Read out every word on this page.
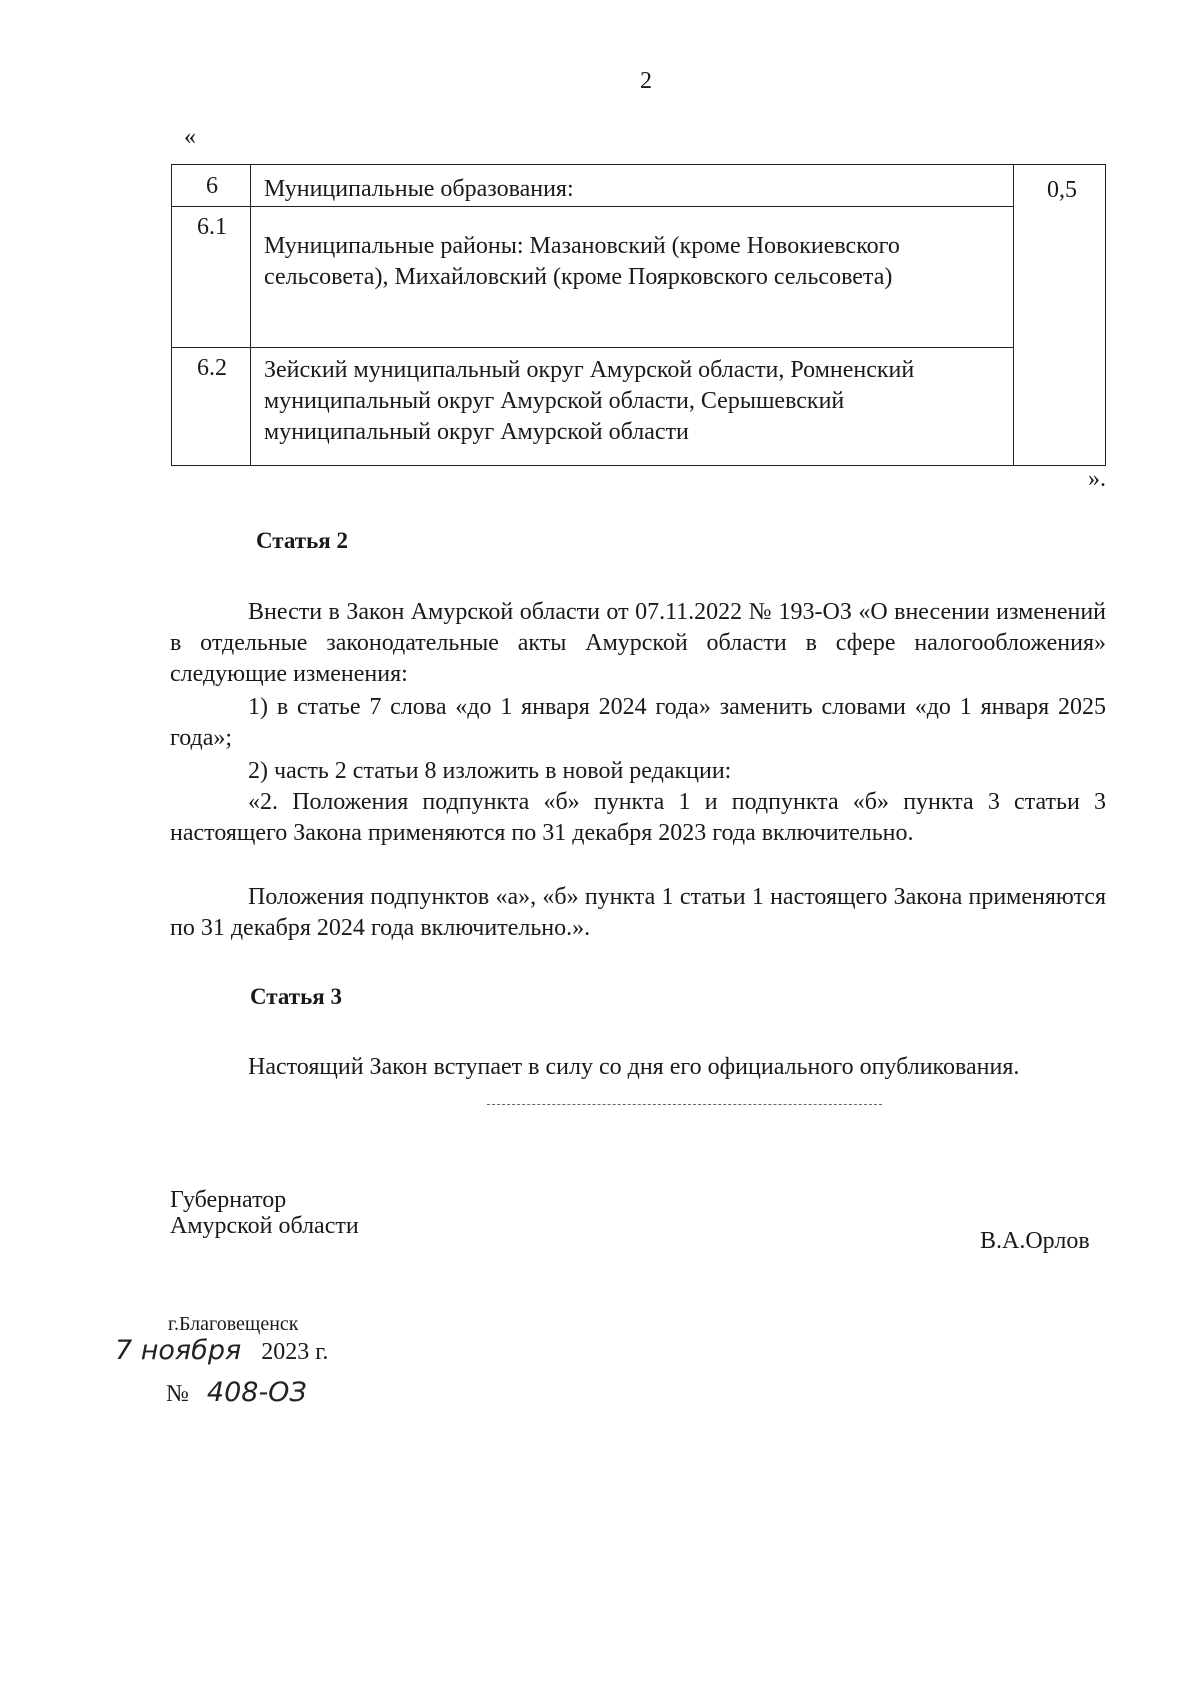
2
«
6	Муниципальные образования:
6.1
Муниципальные районы: Мазановский (кроме Новокиевского сельсовета), Михайловский (кроме Поярковского сельсовета)
6.2	Зейский муниципальный округ Амурской области, Ромненский муниципальный округ Амурской области, Серышевский муниципальный округ Амурской области
0,5
».
Статья 2
Внести в Закон Амурской области от 07.11.2022 № 193-ОЗ «О внесении изменений в отдельные законодательные акты Амурской области в сфере налогообложения» следующие изменения:
1) в статье 7 слова «до 1 января 2024 года» заменить словами «до 1 января 2025 года»;
2) часть 2 статьи 8 изложить в новой редакции:
«2. Положения подпункта «б» пункта 1 и подпункта «б» пункта 3 статьи 3 настоящего Закона применяются по 31 декабря 2023 года включительно.
Положения подпунктов «а», «б» пункта 1 статьи 1 настоящего Закона применяются по 31 декабря 2024 года включительно.».
Статья 3
Настоящий Закон вступает в силу со дня его официального опубликования.
Губернатор
Амурской области
В.А.Орлов
г.Благовещенск
7 ноября 2023 г.
№ 408-ОЗ
